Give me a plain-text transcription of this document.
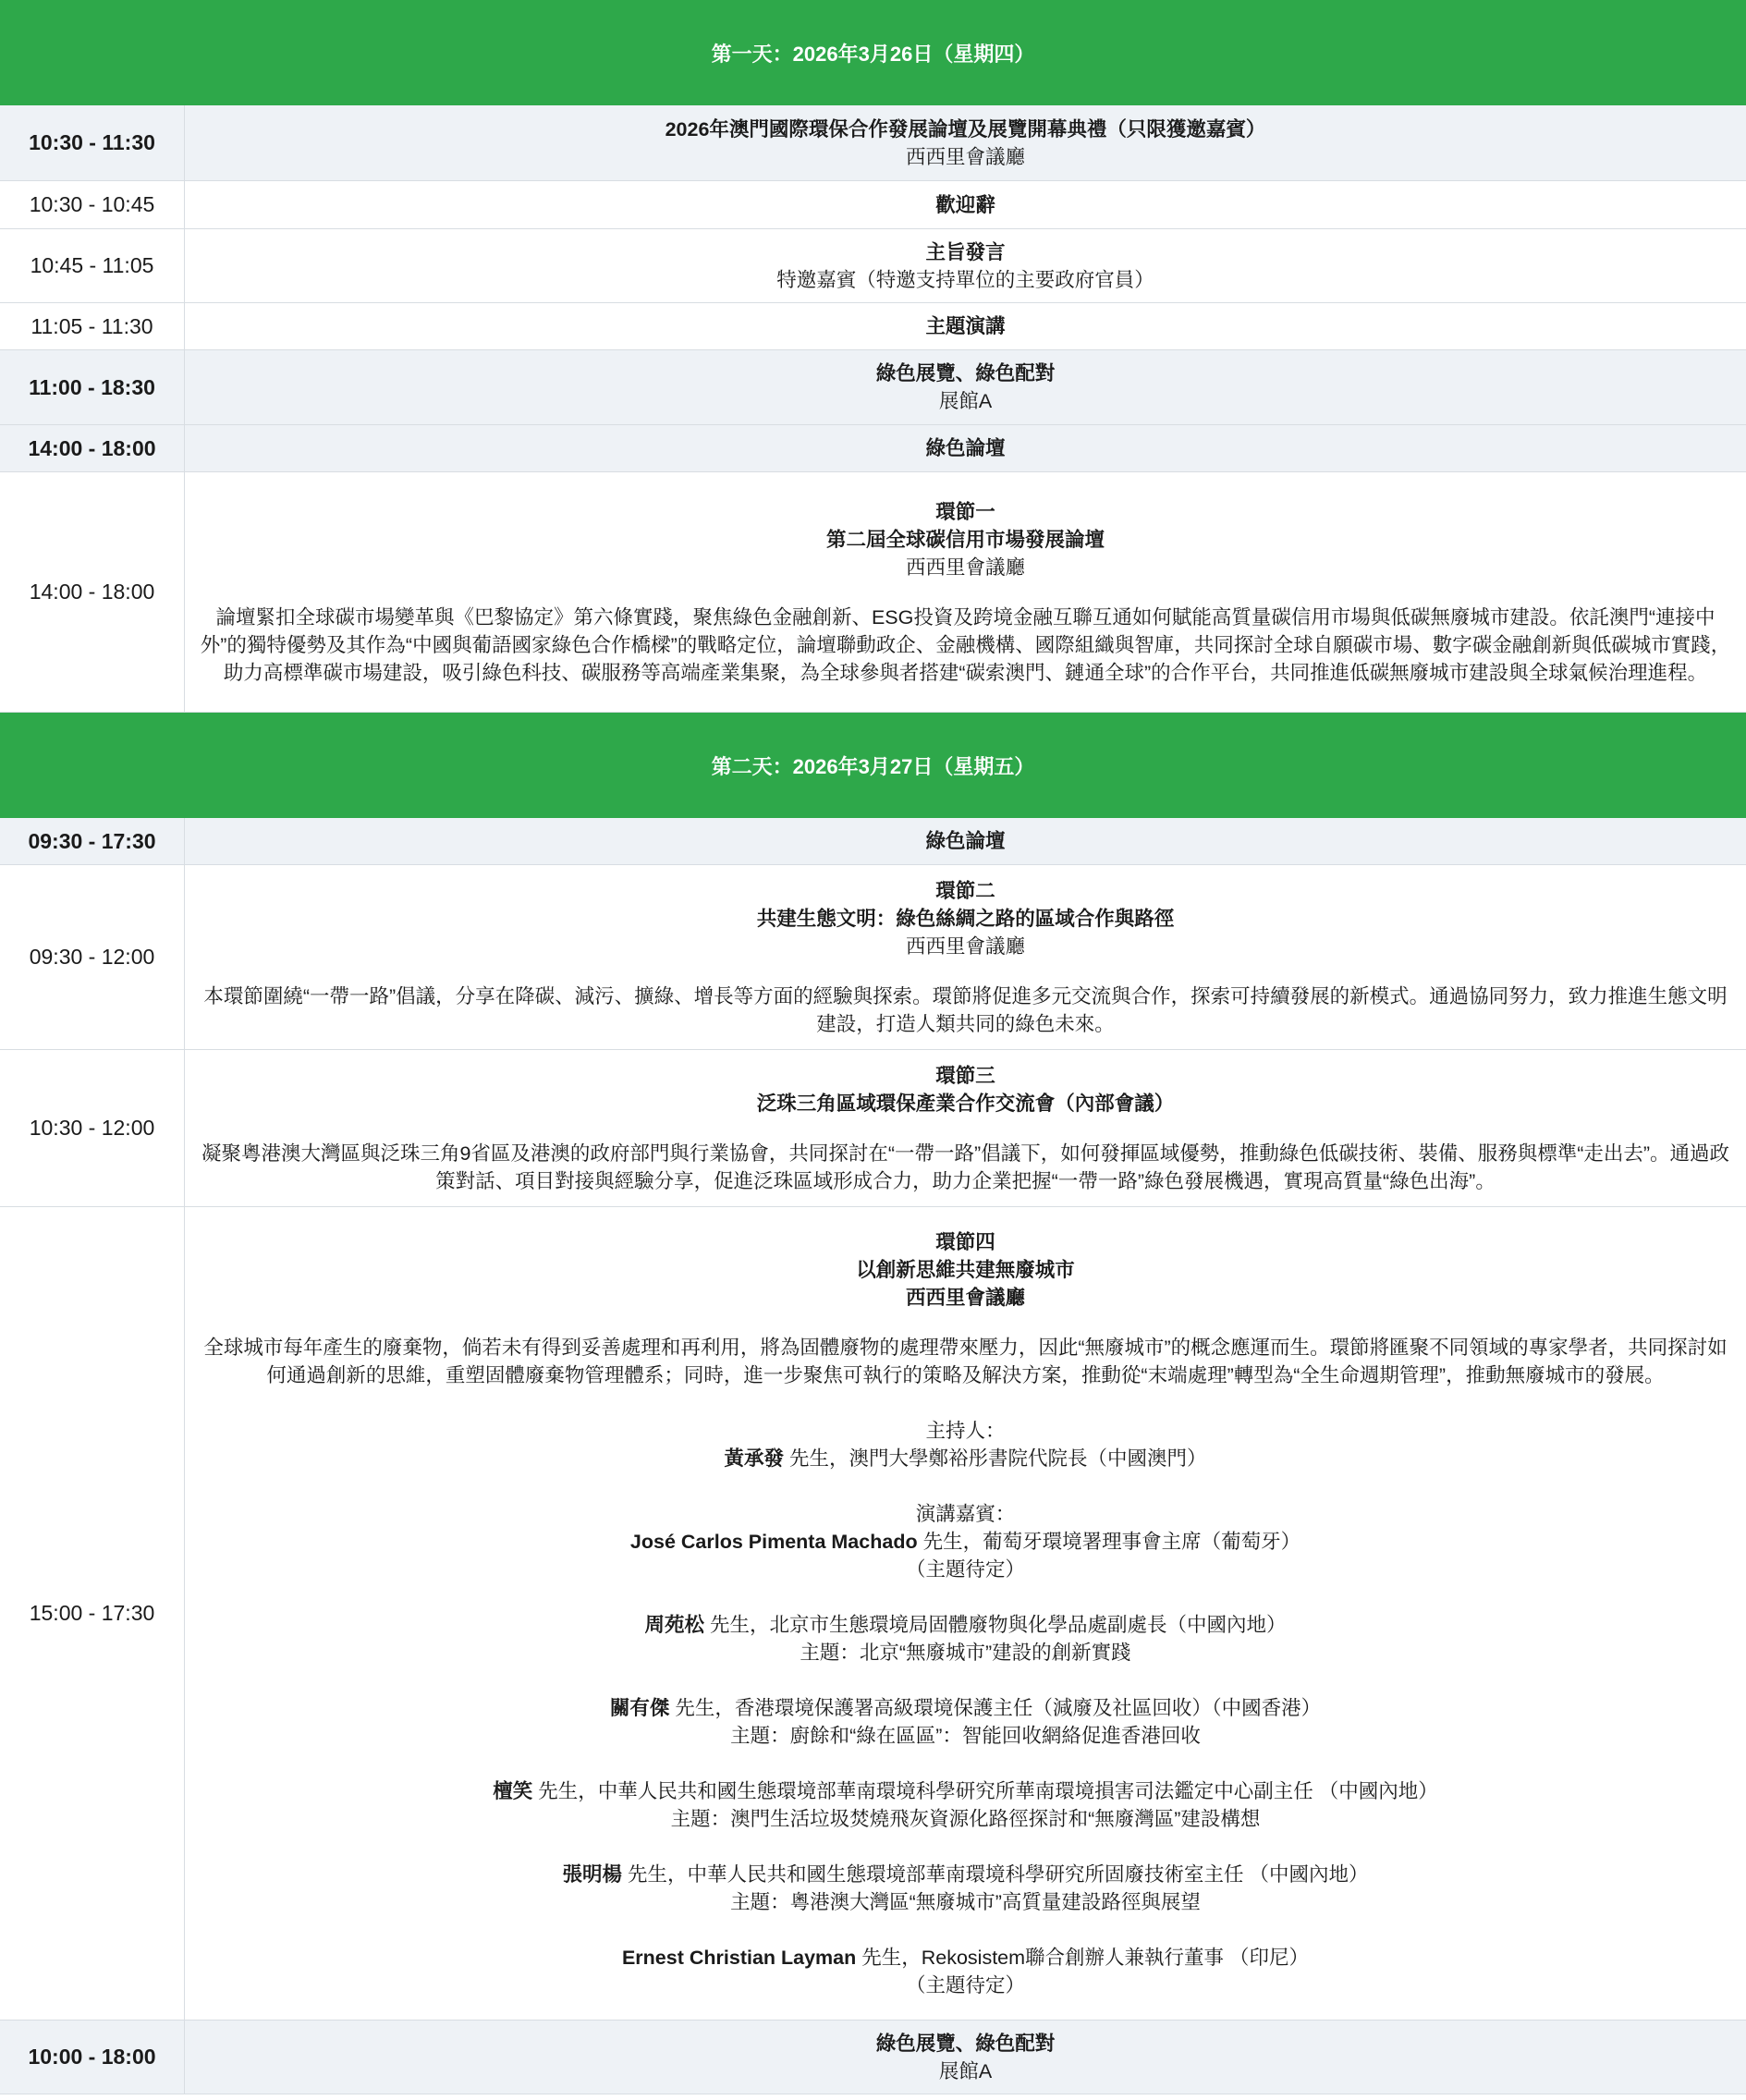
第一天：2026年3月26日（星期四）
10:30 - 11:30
2026年澳門國際環保合作發展論壇及展覽開幕典禮（只限獲邀嘉賓）
西西里會議廳
10:30 - 10:45	歡迎辭
10:45 - 11:05
主旨發言
特邀嘉賓（特邀支持單位的主要政府官員）
11:05 - 11:30	主題演講
11:00 - 18:30
綠色展覽、綠色配對
展館A
14:00 - 18:00	綠色論壇
14:00 - 18:00
環節一
第二屆全球碳信用市場發展論壇
西西里會議廳
論壇緊扣全球碳市場變革與《巴黎協定》第六條實踐，聚焦綠色金融創新、ESG投資及跨境金融互聯互通如何賦能高質量碳信用市場與低碳無廢城市建設。依託澳門“連接中外”的獨特優勢及其作為“中國與葡語國家綠色合作橋樑”的戰略定位，論壇聯動政企、金融機構、國際組織與智庫，共同探討全球自願碳市場、數字碳金融創新與低碳城市實踐，助力高標準碳市場建設，吸引綠色科技、碳服務等高端產業集聚，為全球參與者搭建“碳索澳門、鏈通全球”的合作平台，共同推進低碳無廢城市建設與全球氣候治理進程。
第二天：2026年3月27日（星期五）
09:30 - 17:30	綠色論壇
09:30 - 12:00
環節二
共建生態文明：綠色絲綢之路的區域合作與路徑
西西里會議廳
本環節圍繞“一帶一路”倡議，分享在降碳、減污、擴綠、增長等方面的經驗與探索。環節將促進多元交流與合作，探索可持續發展的新模式。通過協同努力，致力推進生態文明建設，打造人類共同的綠色未來。
10:30 - 12:00
環節三
泛珠三角區域環保產業合作交流會（內部會議）
凝聚粵港澳大灣區與泛珠三角9省區及港澳的政府部門與行業協會，共同探討在“一帶一路”倡議下，如何發揮區域優勢，推動綠色低碳技術、裝備、服務與標準“走出去”。通過政策對話、項目對接與經驗分享，促進泛珠區域形成合力，助力企業把握“一帶一路”綠色發展機遇，實現高質量“綠色出海”。
15:00 - 17:30
環節四
以創新思維共建無廢城市
西西里會議廳
全球城市每年產生的廢棄物，倘若未有得到妥善處理和再利用，將為固體廢物的處理帶來壓力，因此“無廢城市”的概念應運而生。環節將匯聚不同領域的專家學者，共同探討如何通過創新的思維，重塑固體廢棄物管理體系；同時，進一步聚焦可執行的策略及解決方案，推動從“末端處理”轉型為“全生命週期管理”，推動無廢城市的發展。
主持人：
黃承發 先生，澳門大學鄭裕彤書院代院長（中國澳門）
演講嘉賓：
José Carlos Pimenta Machado 先生，葡萄牙環境署理事會主席（葡萄牙）
（主題待定）
周苑松 先生，北京市生態環境局固體廢物與化學品處副處長（中國內地）
主題：北京“無廢城市”建設的創新實踐
關有傑 先生，香港環境保護署高級環境保護主任（減廢及社區回收）（中國香港）
主題：廚餘和“綠在區區”：智能回收網絡促進香港回收
檀笑 先生，中華人民共和國生態環境部華南環境科學研究所華南環境損害司法鑑定中心副主任 （中國內地）
主題：澳門生活垃圾焚燒飛灰資源化路徑探討和“無廢灣區”建設構想
張明楊 先生，中華人民共和國生態環境部華南環境科學研究所固廢技術室主任 （中國內地）
主題：粵港澳大灣區“無廢城市”高質量建設路徑與展望
Ernest Christian Layman 先生，Rekosistem聯合創辦人兼執行董事 （印尼）
（主題待定）
10:00 - 18:00
綠色展覽、綠色配對
展館A
